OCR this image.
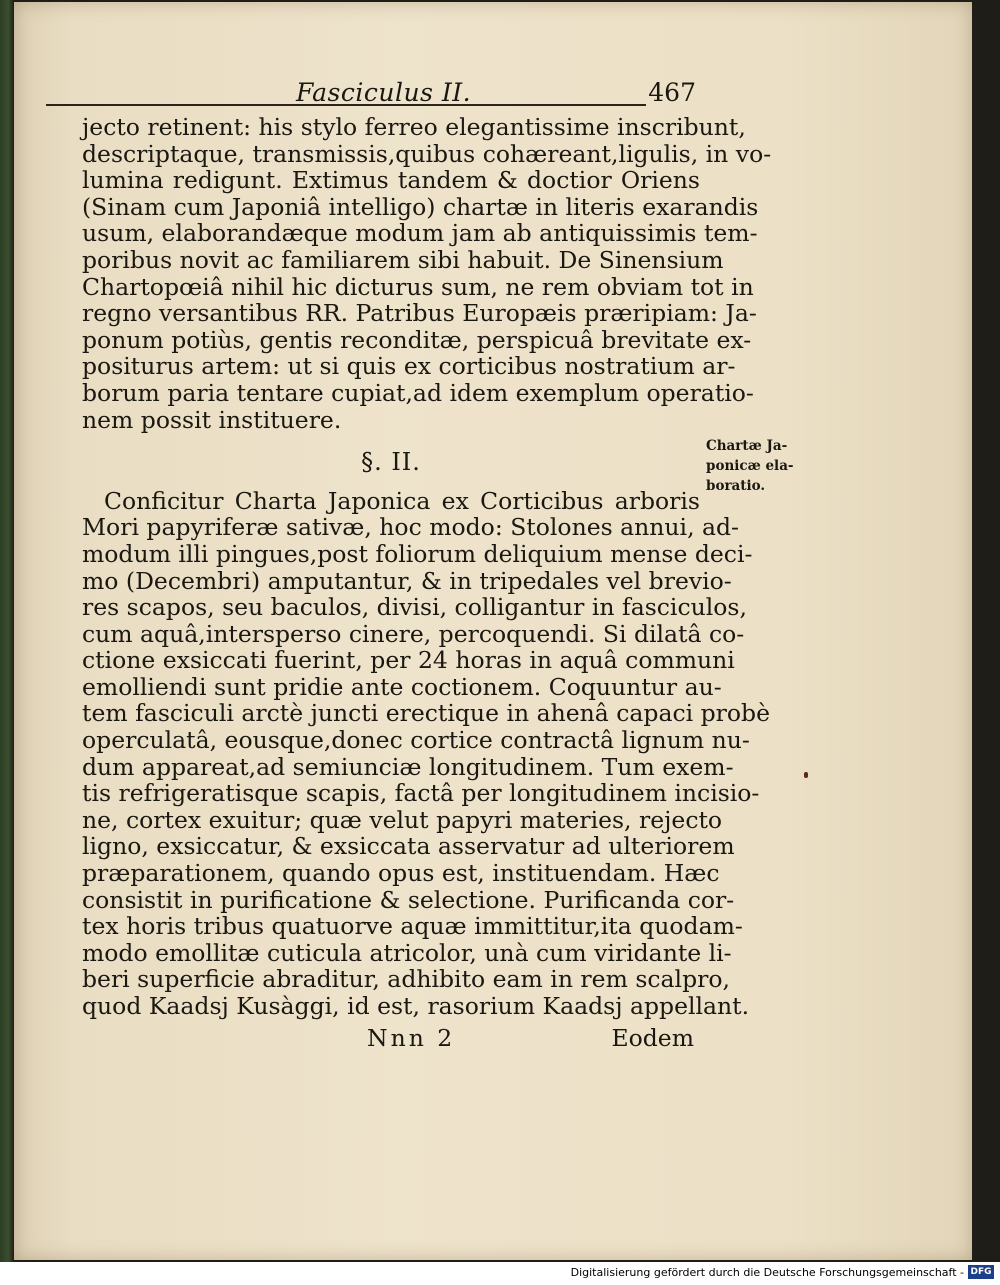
Fasciculus II.	467
jecto retinent: his stylo ferreo elegantissime inscribunt,
descriptaque, transmissis,quibus cohæreant,ligulis, in vo-
lumina redigunt. Extimus tandem & doctior Oriens
(Sinam cum Japoniâ intelligo) chartæ in literis exarandis
usum, elaborandæque modum jam ab antiquissimis tem-
poribus novit ac familiarem sibi habuit. De Sinensium
Chartopœiâ nihil hic dicturus sum, ne rem obviam tot in
regno versantibus RR. Patribus Europæis præripiam: Ja-
ponum potiùs, gentis reconditæ, perspicuâ brevitate ex-
positurus artem: ut si quis ex corticibus nostratium ar-
borum paria tentare cupiat,ad idem exemplum operatio-
nem possit instituere.
§. II.
Conficitur Charta Japonica ex Corticibus arboris
Mori papyriferæ sativæ, hoc modo: Stolones annui, ad-
modum illi pingues,post foliorum deliquium mense deci-
mo (Decembri) amputantur, & in tripedales vel brevio-
res scapos, seu baculos, divisi, colligantur in fasciculos,
cum aquâ,interspersо cinere, percoquendi. Si dilatâ co-
ctione exsiccati fuerint, per 24 horas in aquâ communi
emolliendi sunt pridie ante coctionem. Coquuntur au-
tem fasciculi arctè juncti erectique in ahenâ capaci probè
operculatâ, eousque,donec cortice contractâ lignum nu-
dum appareat,ad semiunciæ longitudinem. Tum exem-
tis refrigeratisque scapis, factâ per longitudinem incisio-
ne, cortex exuitur; quæ velut papyri materies, rejecto
ligno, exsiccatur, & exsiccata asservatur ad ulteriorem
præparationem, quando opus est, instituendam. Hæc
consistit in purificatione & selectione. Purificanda cor-
tex horis tribus quatuorve aquæ immittitur,ita quodam-
modo emollitæ cuticula atricolor, unà cum viridante li-
beri superficie abraditur, adhibito eam in rem scalpro,
quod Kaadsj Kusàggi, id est, rasorium Kaadsj appellant.
Chartæ Ja-
ponicæ ela-
boratio.
Nnn 2	Eodem
Digitalisierung gefördert durch die Deutsche Forschungsgemeinschaft - DFG
